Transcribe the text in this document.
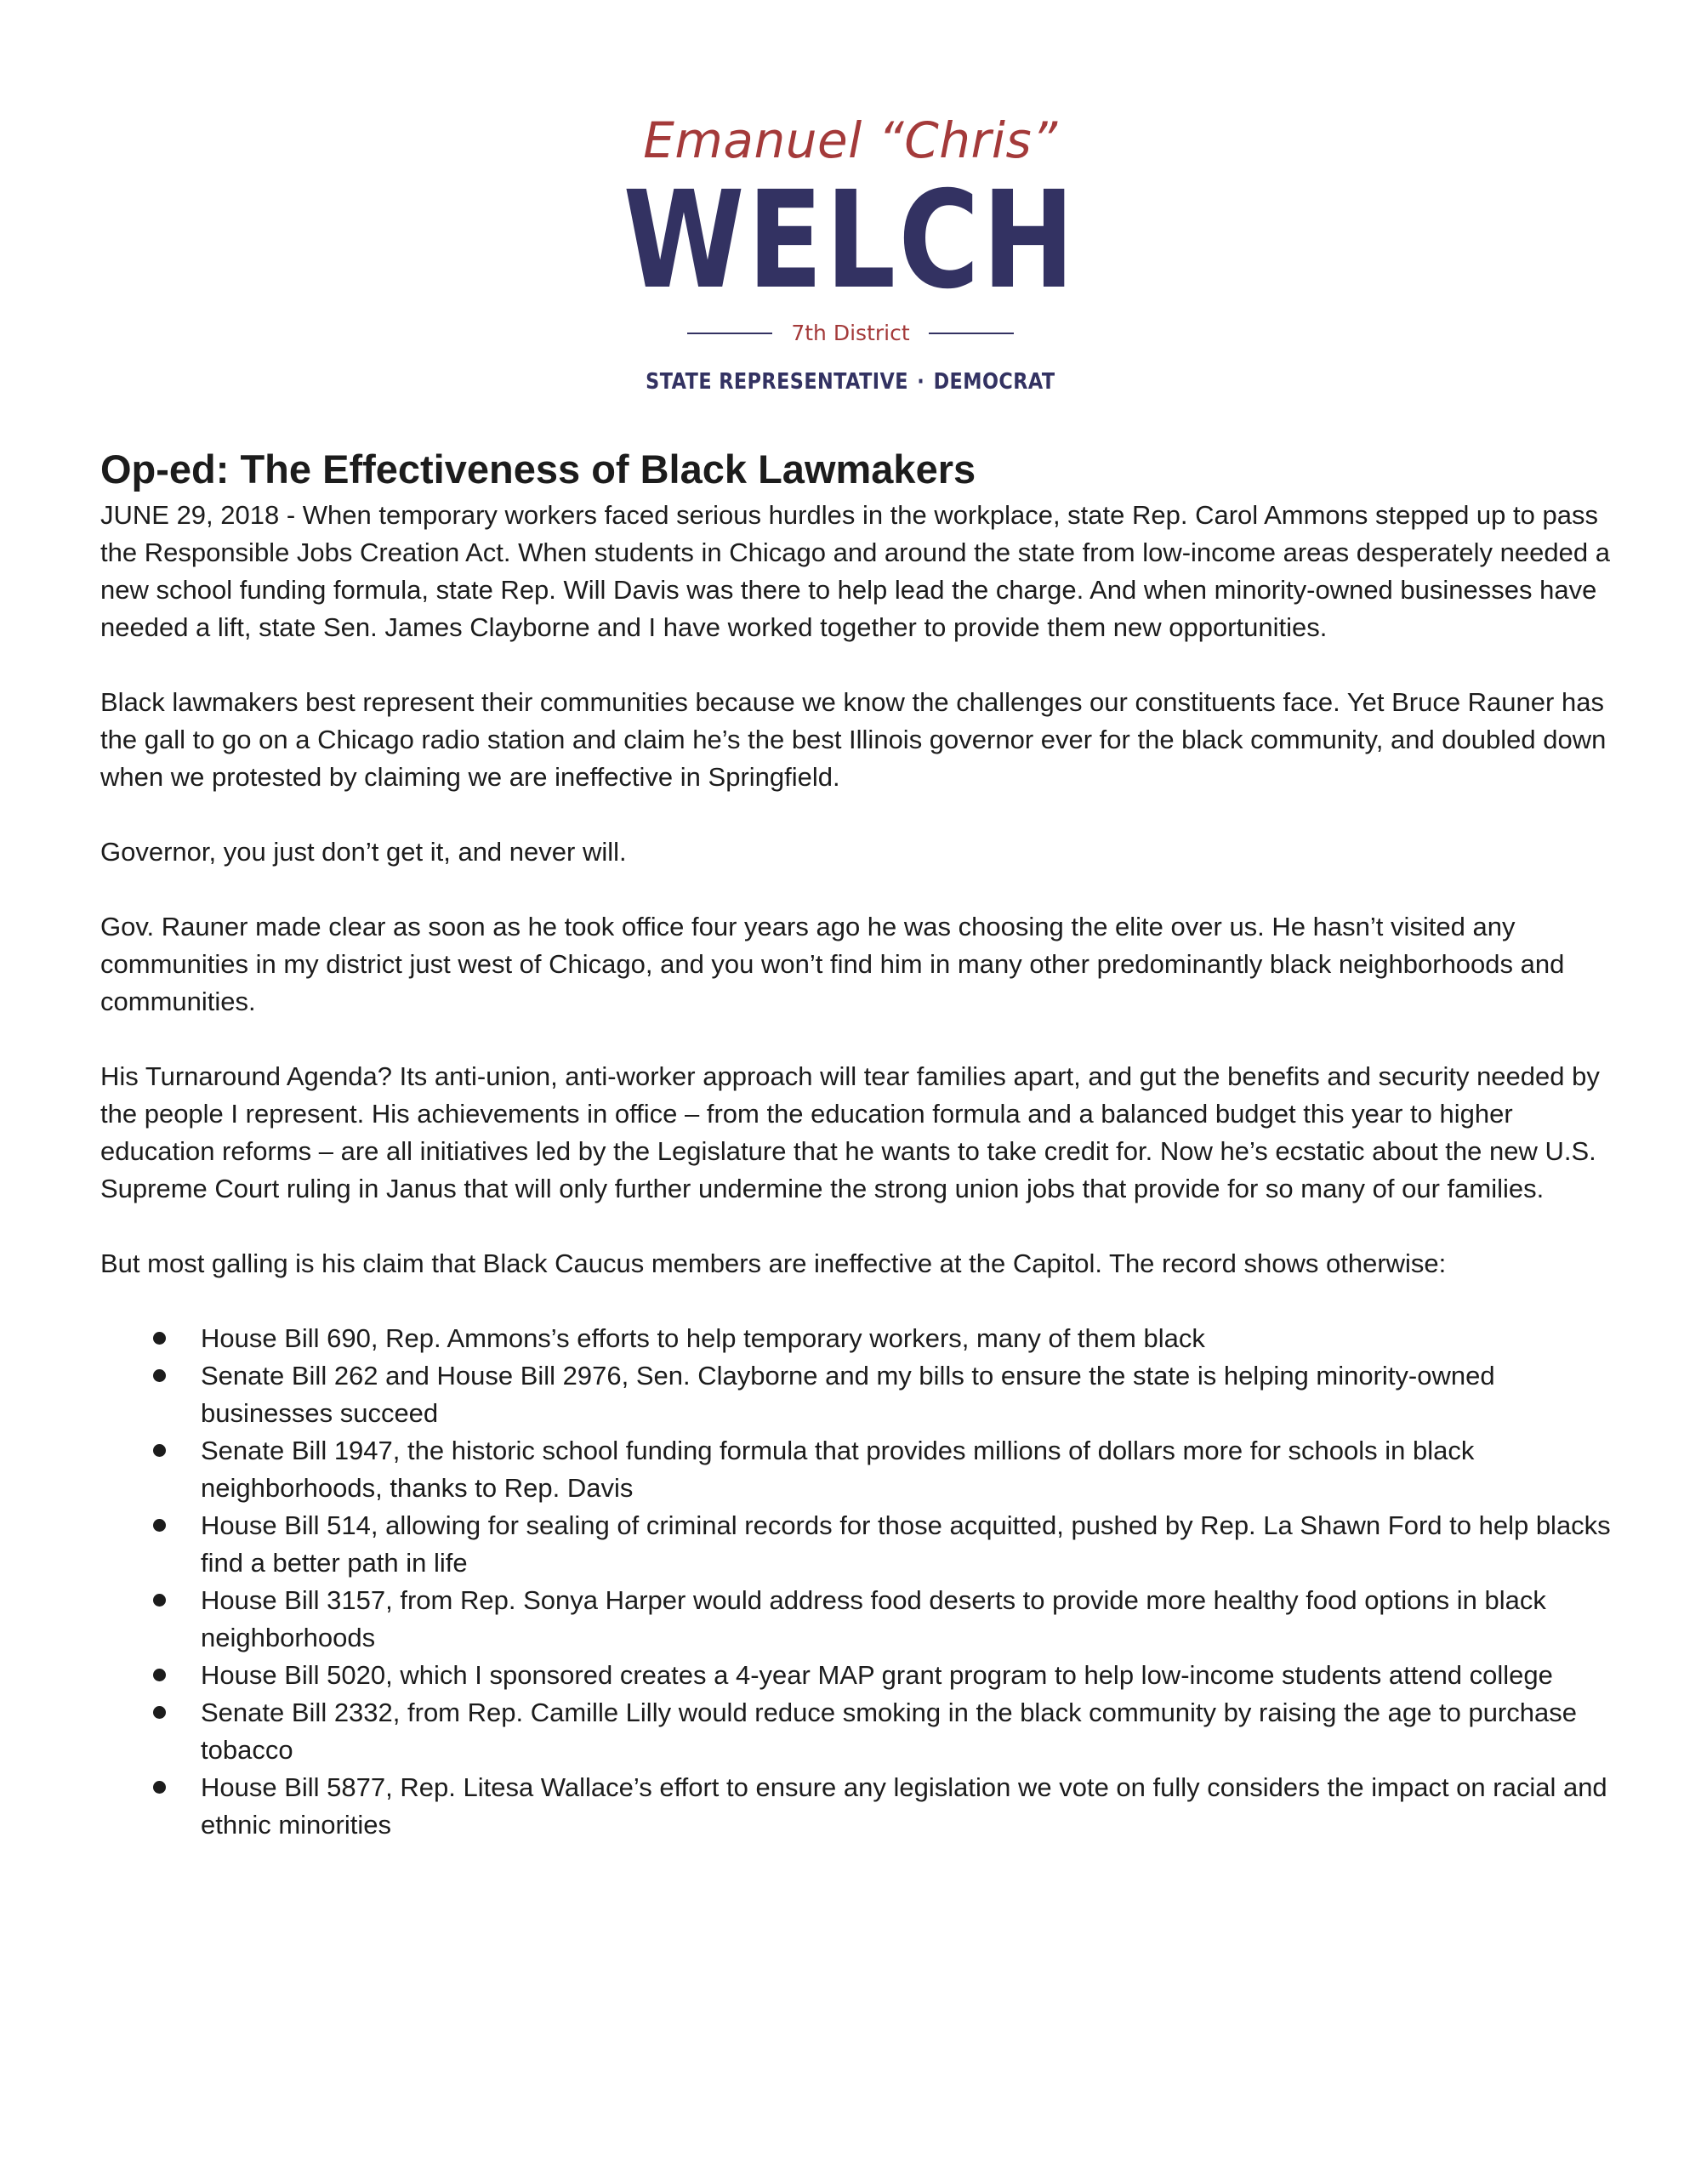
Emanuel “Chris”
WELCH
7th District
STATE REPRESENTATIVE · DEMOCRAT
Op-ed: The Effectiveness of Black Lawmakers

JUNE 29, 2018 - When temporary workers faced serious hurdles in the workplace, state Rep. Carol Ammons stepped up to pass the Responsible Jobs Creation Act. When students in Chicago and around the state from low-income areas desperately needed a new school funding formula, state Rep. Will Davis was there to help lead the charge. And when minority-owned businesses have needed a lift, state Sen. James Clayborne and I have worked together to provide them new opportunities.

Black lawmakers best represent their communities because we know the challenges our constituents face. Yet Bruce Rauner has the gall to go on a Chicago radio station and claim he’s the best Illinois governor ever for the black community, and doubled down when we protested by claiming we are ineffective in Springfield.

Governor, you just don’t get it, and never will.

Gov. Rauner made clear as soon as he took office four years ago he was choosing the elite over us. He hasn’t visited any communities in my district just west of Chicago, and you won’t find him in many other predominantly black neighborhoods and communities.

His Turnaround Agenda? Its anti-union, anti-worker approach will tear families apart, and gut the benefits and security needed by the people I represent. His achievements in office – from the education formula and a balanced budget this year to higher education reforms – are all initiatives led by the Legislature that he wants to take credit for. Now he’s ecstatic about the new U.S. Supreme Court ruling in Janus that will only further undermine the strong union jobs that provide for so many of our families.

But most galling is his claim that Black Caucus members are ineffective at the Capitol. The record shows otherwise:

House Bill 690, Rep. Ammons’s efforts to help temporary workers, many of them black
Senate Bill 262 and House Bill 2976, Sen. Clayborne and my bills to ensure the state is helping minority-owned businesses succeed
Senate Bill 1947, the historic school funding formula that provides millions of dollars more for schools in black neighborhoods, thanks to Rep. Davis
House Bill 514, allowing for sealing of criminal records for those acquitted, pushed by Rep. La Shawn Ford to help blacks find a better path in life
House Bill 3157, from Rep. Sonya Harper would address food deserts to provide more healthy food options in black neighborhoods
House Bill 5020, which I sponsored creates a 4-year MAP grant program to help low-income students attend college
Senate Bill 2332, from Rep. Camille Lilly would reduce smoking in the black community by raising the age to purchase tobacco
House Bill 5877, Rep. Litesa Wallace’s effort to ensure any legislation we vote on fully considers the impact on racial and ethnic minorities
